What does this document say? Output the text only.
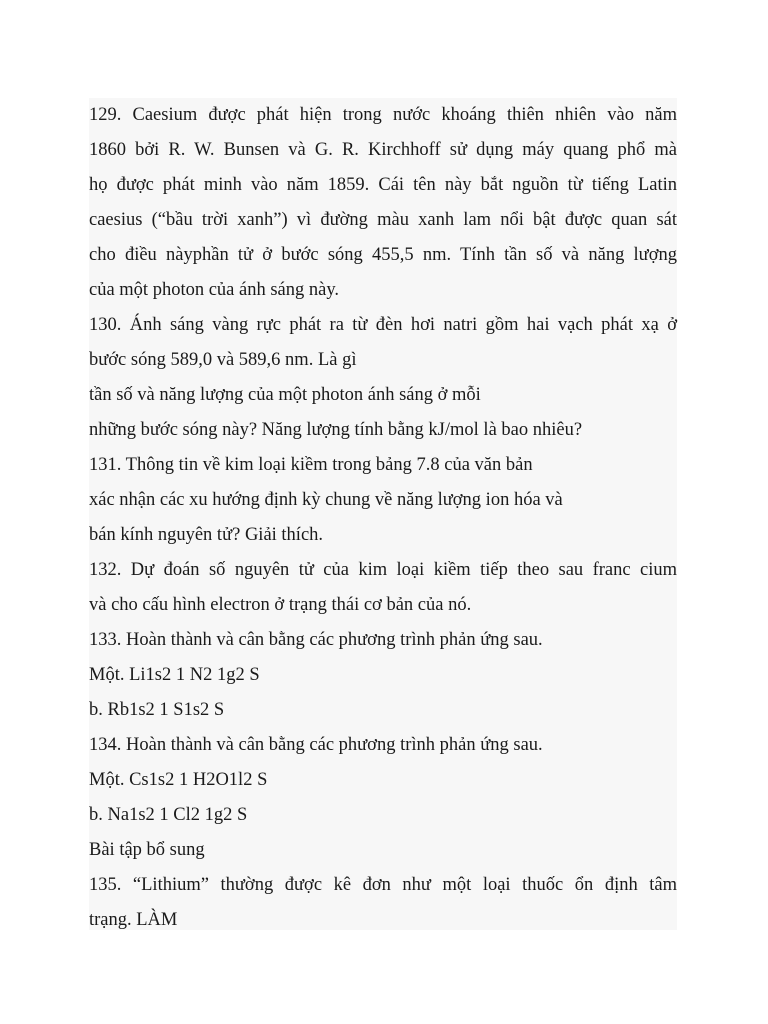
129. Caesium được phát hiện trong nước khoáng thiên nhiên vào năm
1860 bởi R. W. Bunsen và G. R. Kirchhoff sử dụng máy quang phổ mà
họ được phát minh vào năm 1859. Cái tên này bắt nguồn từ tiếng Latin
caesius (“bầu trời xanh”) vì đường màu xanh lam nổi bật được quan sát
cho điều nàyphần tử ở bước sóng 455,5 nm. Tính tần số và năng lượng
của một photon của ánh sáng này.
130. Ánh sáng vàng rực phát ra từ đèn hơi natri gồm hai vạch phát xạ ở
bước sóng 589,0 và 589,6 nm. Là gì
tần số và năng lượng của một photon ánh sáng ở mỗi
những bước sóng này? Năng lượng tính bằng kJ/mol là bao nhiêu?
131. Thông tin về kim loại kiềm trong bảng 7.8 của văn bản
xác nhận các xu hướng định kỳ chung về năng lượng ion hóa và
bán kính nguyên tử? Giải thích.
132. Dự đoán số nguyên tử của kim loại kiềm tiếp theo sau franc cium
và cho cấu hình electron ở trạng thái cơ bản của nó.
133. Hoàn thành và cân bằng các phương trình phản ứng sau.
Một. Li1s2 1 N2 1g2 S
b. Rb1s2 1 S1s2 S
134. Hoàn thành và cân bằng các phương trình phản ứng sau.
Một. Cs1s2 1 H2O1l2 S
b. Na1s2 1 Cl2 1g2 S
Bài tập bổ sung
135. “Lithium” thường được kê đơn như một loại thuốc ổn định tâm
trạng. LÀM
